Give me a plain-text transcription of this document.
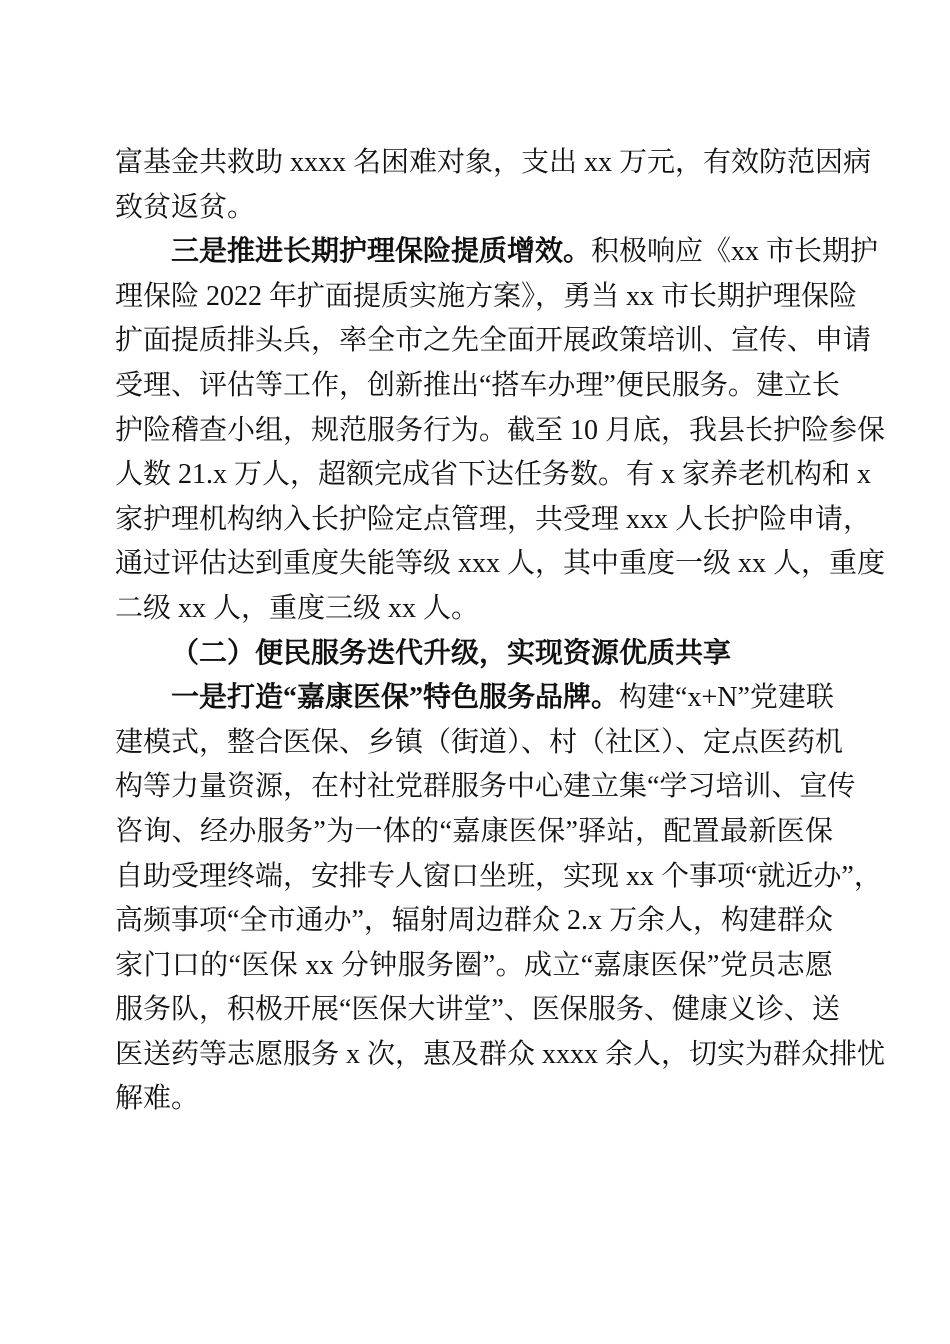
富基金共救助 xxxx 名困难对象，支出 xx 万元，有效防范因病
致贫返贫。
三是推进长期护理保险提质增效。积极响应《xx 市长期护
理保险 2022 年扩面提质实施方案》，勇当 xx 市长期护理保险
扩面提质排头兵，率全市之先全面开展政策培训、宣传、申请
受理、评估等工作，创新推出“搭车办理”便民服务。建立长
护险稽查小组，规范服务行为。截至 10 月底，我县长护险参保
人数 21.x 万人，超额完成省下达任务数。有 x 家养老机构和 x
家护理机构纳入长护险定点管理，共受理 xxx 人长护险申请，
通过评估达到重度失能等级 xxx 人，其中重度一级 xx 人，重度
二级 xx 人，重度三级 xx 人。
（二）便民服务迭代升级，实现资源优质共享
一是打造“嘉康医保”特色服务品牌。构建“x+N”党建联
建模式，整合医保、乡镇（街道）、村（社区）、定点医药机
构等力量资源，在村社党群服务中心建立集“学习培训、宣传
咨询、经办服务”为一体的“嘉康医保”驿站，配置最新医保
自助受理终端，安排专人窗口坐班，实现 xx 个事项“就近办”，
高频事项“全市通办”，辐射周边群众 2.x 万余人，构建群众
家门口的“医保 xx 分钟服务圈”。成立“嘉康医保”党员志愿
服务队，积极开展“医保大讲堂”、医保服务、健康义诊、送
医送药等志愿服务 x 次，惠及群众 xxxx 余人，切实为群众排忧
解难。
